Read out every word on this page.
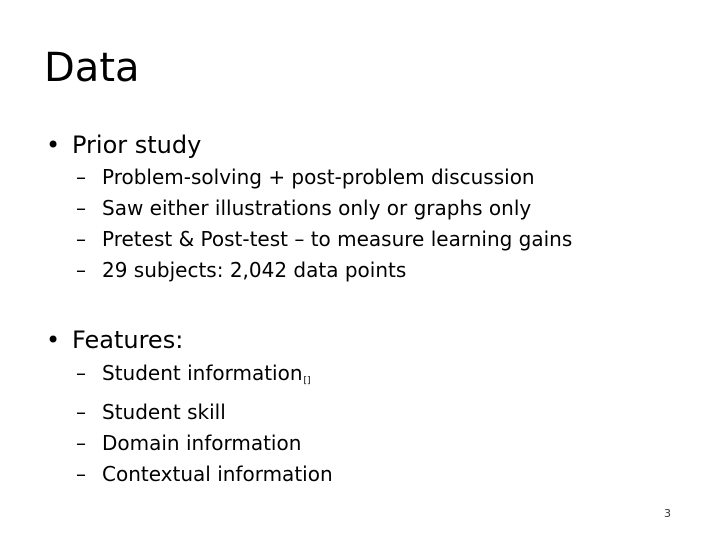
Data
• Prior study
– Problem-solving + post-problem discussion
– Saw either illustrations only or graphs only
– Pretest & Post-test – to measure learning gains
– 29 subjects: 2,042 data points
• Features:
– Student information[]
– Student skill
– Domain information
– Contextual information
3
